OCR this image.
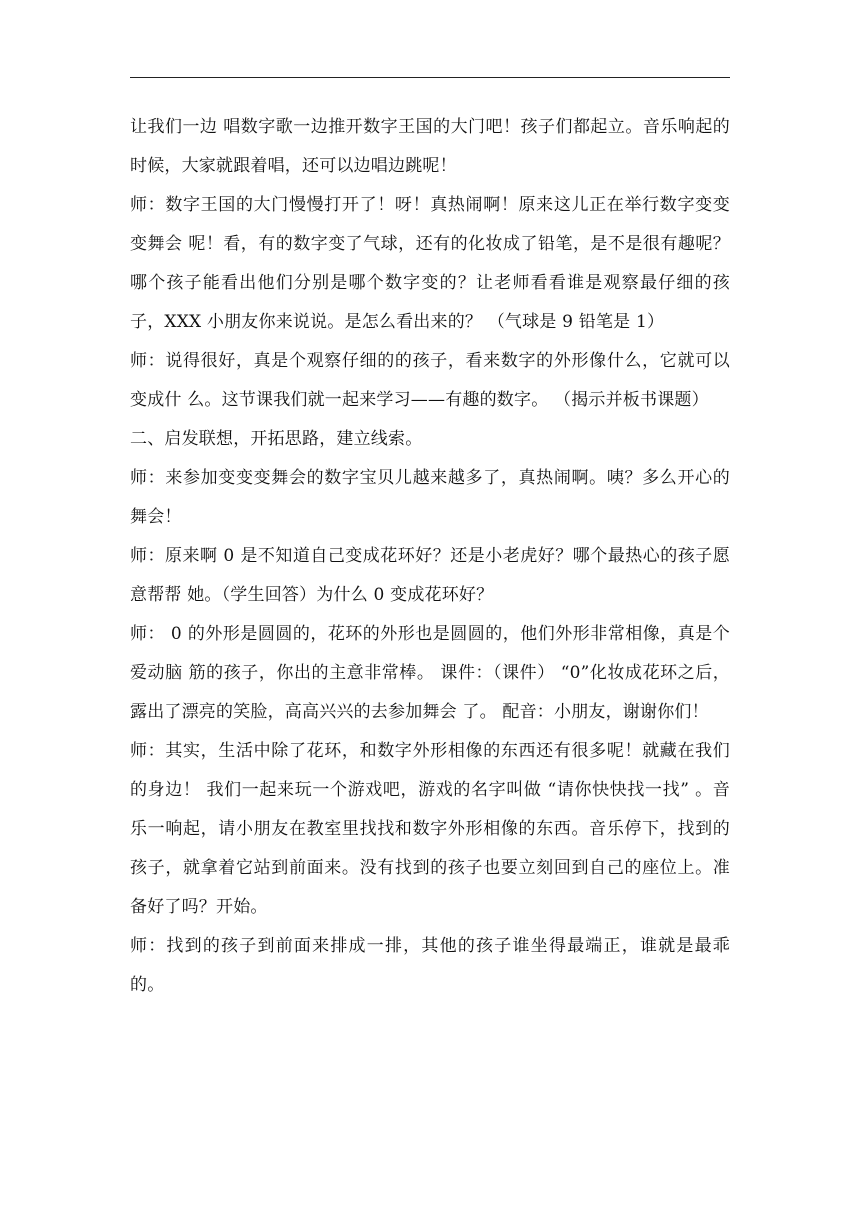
让我们一边 唱数字歌一边推开数字王国的大门吧！孩子们都起立。音乐响起的时候，大家就跟着唱，还可以边唱边跳呢！

师：数字王国的大门慢慢打开了！呀！真热闹啊！原来这儿正在举行数字变变变舞会 呢！看，有的数字变了气球，还有的化妆成了铅笔，是不是很有趣呢？哪个孩子能看出他们分别是哪个数字变的？让老师看看谁是观察最仔细的孩子，XXX 小朋友你来说说。是怎么看出来的？ （气球是 9 铅笔是 1）

师：说得很好，真是个观察仔细的的孩子，看来数字的外形像什么，它就可以变成什 么。这节课我们就一起来学习——有趣的数字。 （揭示并板书课题）

二、启发联想，开拓思路，建立线索。

师：来参加变变变舞会的数字宝贝儿越来越多了，真热闹啊。咦？多么开心的舞会！

师：原来啊 0 是不知道自己变成花环好？还是小老虎好？哪个最热心的孩子愿意帮帮 她。（学生回答）为什么 0 变成花环好？

师： 0 的外形是圆圆的，花环的外形也是圆圆的，他们外形非常相像，真是个爱动脑 筋的孩子，你出的主意非常棒。 课件：（课件） “0”化妆成花环之后，露出了漂亮的笑脸，高高兴兴的去参加舞会 了。 配音：小朋友，谢谢你们！

师：其实，生活中除了花环，和数字外形相像的东西还有很多呢！就藏在我们的身边！ 我们一起来玩一个游戏吧，游戏的名字叫做 “请你快快找一找” 。音乐一响起，请小朋友在教室里找找和数字外形相像的东西。音乐停下，找到的孩子，就拿着它站到前面来。没有找到的孩子也要立刻回到自己的座位上。准备好了吗？开始。

师：找到的孩子到前面来排成一排，其他的孩子谁坐得最端正，谁就是最乖 的。
